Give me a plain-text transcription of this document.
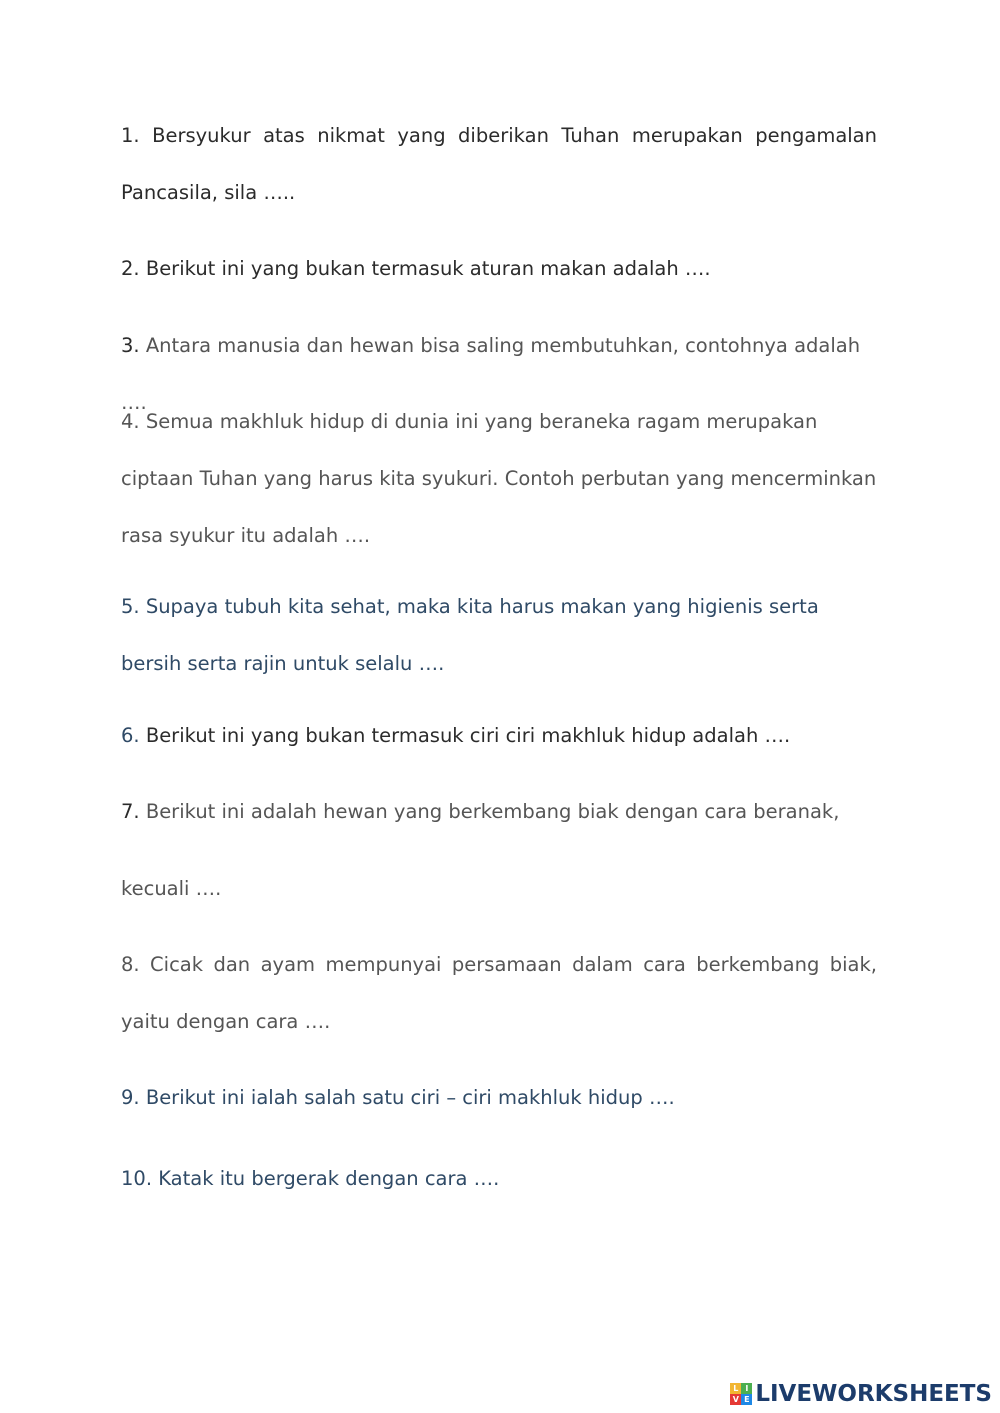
1. Bersyukur atas nikmat yang diberikan Tuhan merupakan pengamalan Pancasila, sila …..

2. Berikut ini yang bukan termasuk aturan makan adalah ….

3. Antara manusia dan hewan bisa saling membutuhkan, contohnya adalah ….

4. Semua makhluk hidup di dunia ini yang beraneka ragam merupakan ciptaan Tuhan yang harus kita syukuri. Contoh perbutan yang mencerminkan rasa syukur itu adalah ….

5. Supaya tubuh kita sehat, maka kita harus makan yang higienis serta bersih serta rajin untuk selalu ….

6. Berikut ini yang bukan termasuk ciri ciri makhluk hidup adalah ….

7. Berikut ini adalah hewan yang berkembang biak dengan cara beranak,

kecuali ….

8. Cicak dan ayam mempunyai persamaan dalam cara berkembang biak, yaitu dengan cara ….

9. Berikut ini ialah salah satu ciri – ciri makhluk hidup ….

10. Katak itu bergerak dengan cara ….

L I
V E LIVEWORKSHEETS
